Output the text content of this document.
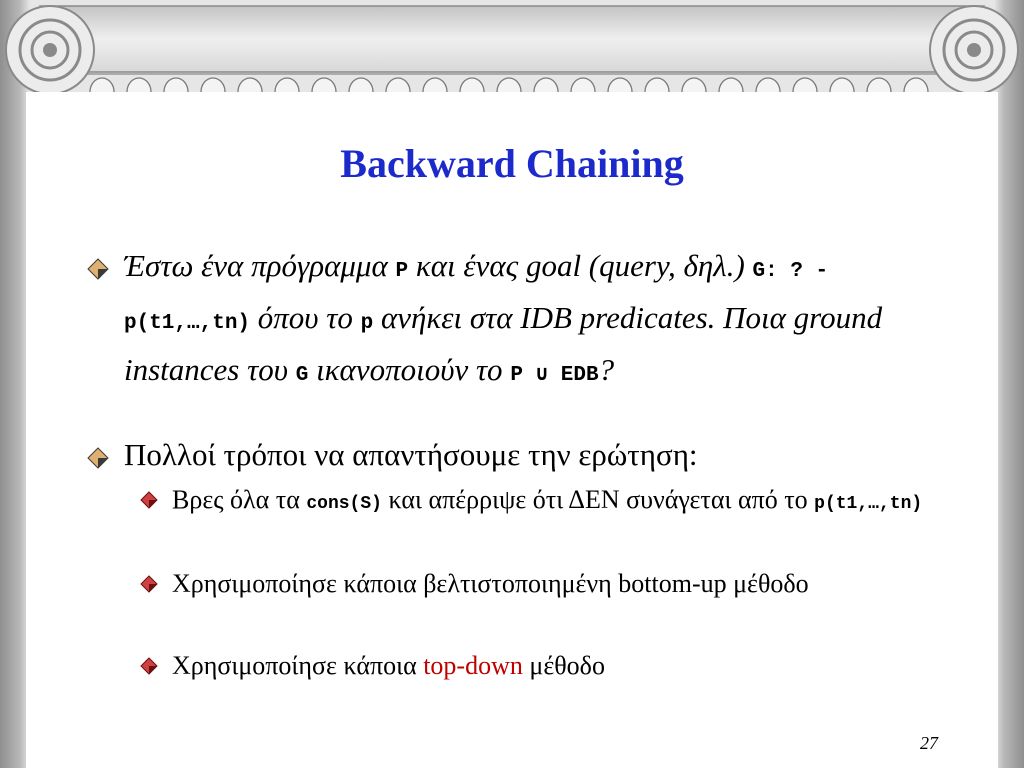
Backward Chaining
Έστω ένα πρόγραμμα P και ένας goal (query, δηλ.) G: ? - p(t1,…,tn) όπου το p ανήκει στα IDB predicates. Ποια ground instances του G ικανοποιούν το P ∪ EDB?
Πολλοί τρόποι να απαντήσουμε την ερώτηση:
Βρες όλα τα cons(S) και απέρριψε ότι ΔΕΝ συνάγεται από το p(t1,…,tn)
Χρησιμοποίησε κάποια βελτιστοποιημένη bottom-up μέθοδο
Χρησιμοποίησε κάποια top-down μέθοδο
27
